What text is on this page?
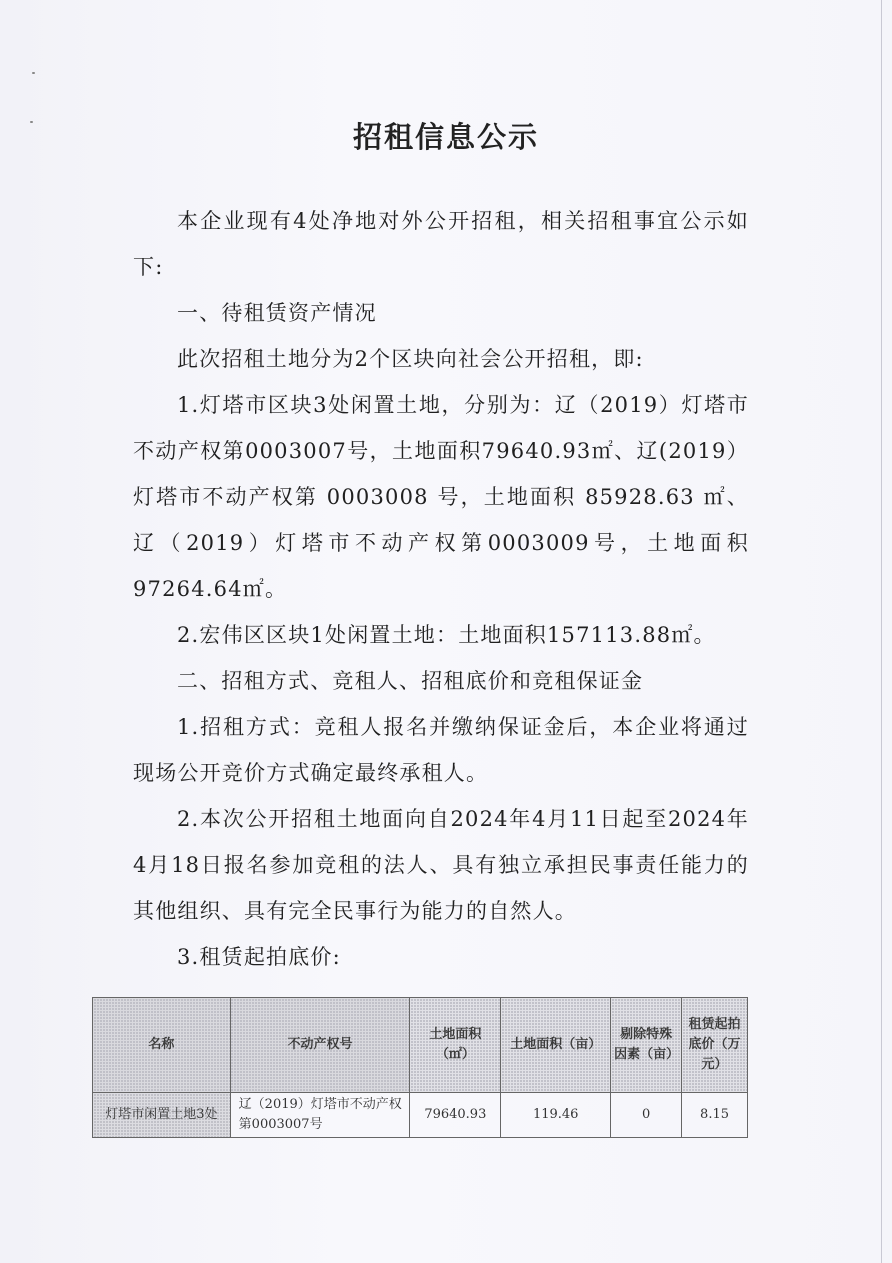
招租信息公示

本企业现有4处净地对外公开招租，相关招租事宜公示如下:

一、待租赁资产情况

此次招租土地分为2个区块向社会公开招租，即:

1.灯塔市区块3处闲置土地，分别为：辽（2019）灯塔市不动产权第0003007号，土地面积79640.93㎡、辽(2019）灯塔市不动产权第 0003008 号，土地面积 85928.63 ㎡、辽（2019）灯塔市不动产权第0003009号，土地面积97264.64㎡。

2.宏伟区区块1处闲置土地：土地面积157113.88㎡。

二、招租方式、竞租人、招租底价和竞租保证金

1.招租方式：竞租人报名并缴纳保证金后，本企业将通过现场公开竞价方式确定最终承租人。

2.本次公开招租土地面向自2024年4月11日起至2024年4月18日报名参加竞租的法人、具有独立承担民事责任能力的其他组织、具有完全民事行为能力的自然人。

3.租赁起拍底价:

名称	不动产权号	土地面积（㎡）	土地面积（亩）	剔除特殊因素（亩）	租赁起拍底价（万元）
灯塔市闲置土地3处	辽（2019）灯塔市不动产权第0003007号	79640.93	119.46	0	8.15
